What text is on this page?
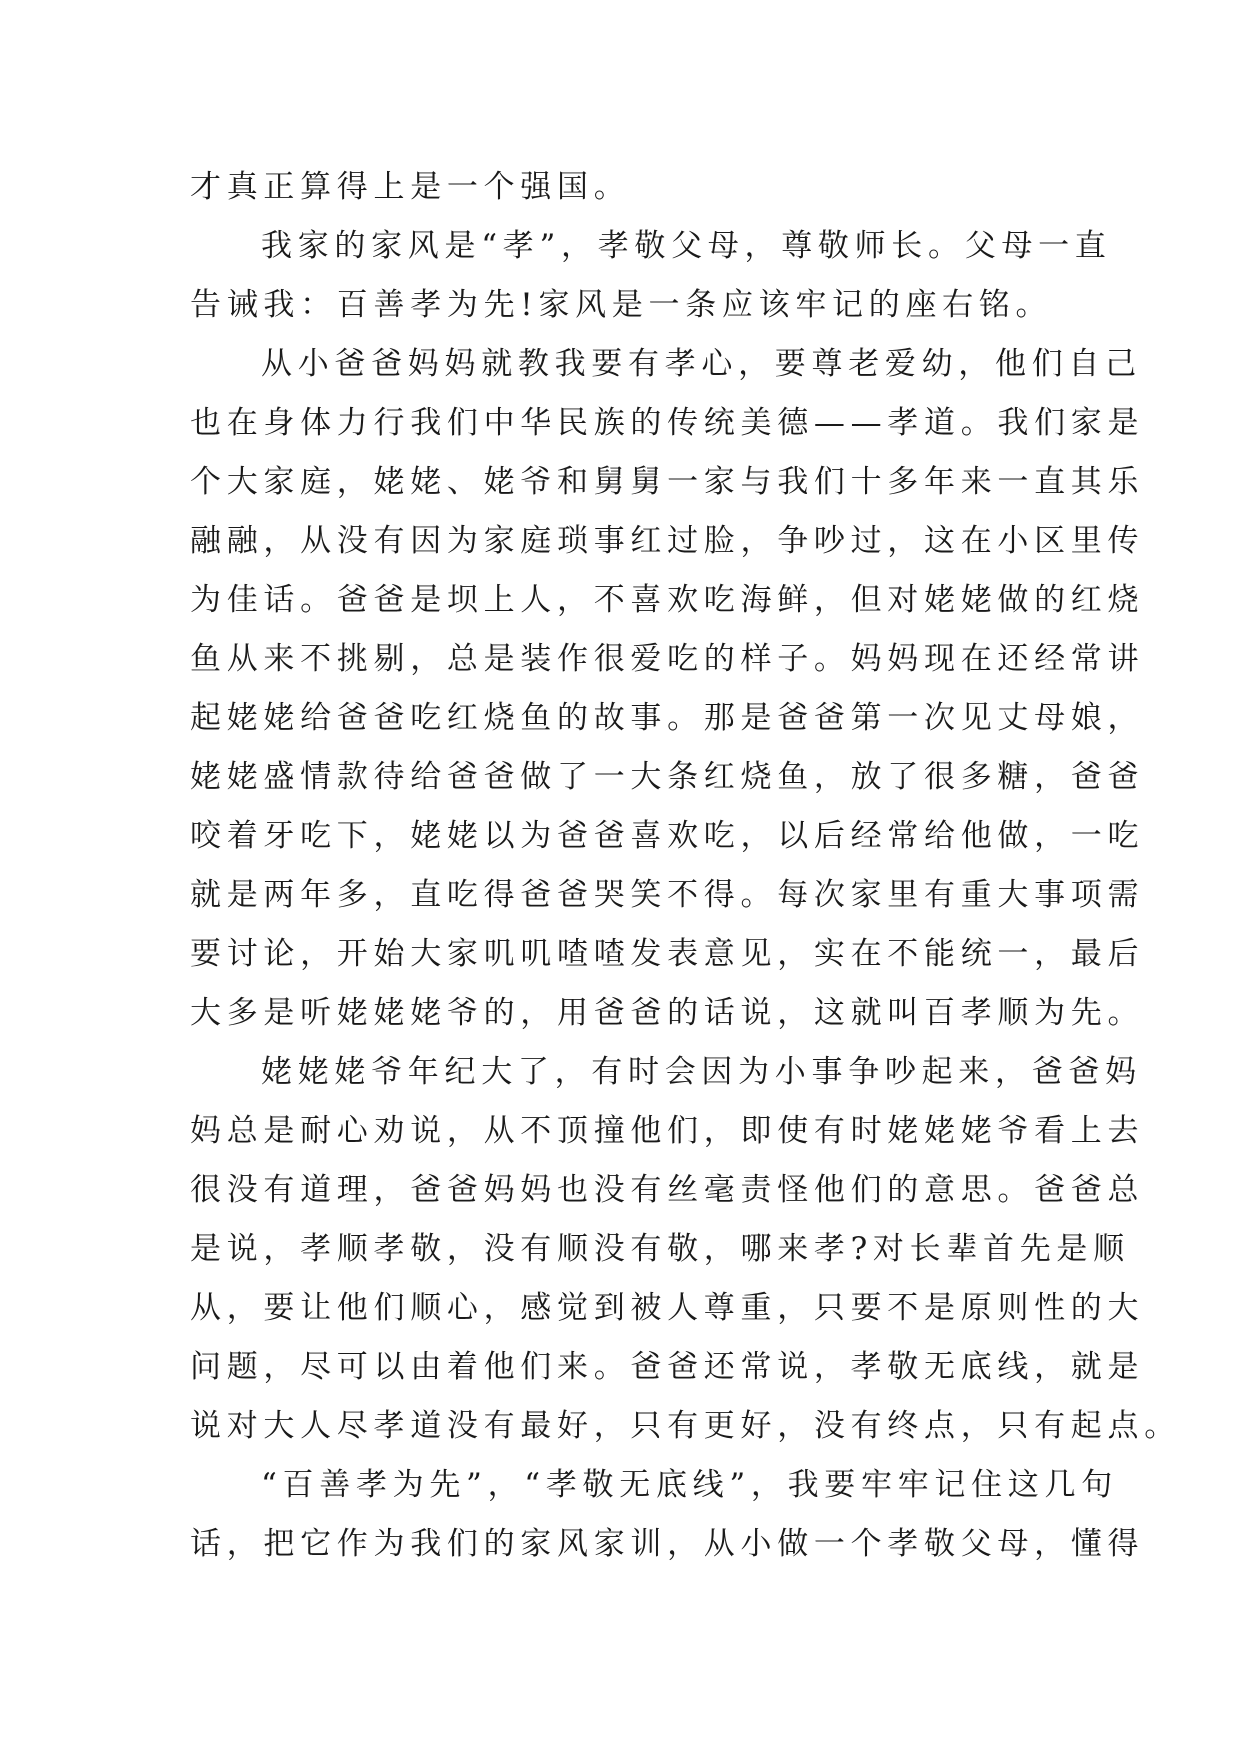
才真正算得上是一个强国。
我家的家风是“孝”，孝敬父母，尊敬师长。父母一直
告诫我：百善孝为先!家风是一条应该牢记的座右铭。
从小爸爸妈妈就教我要有孝心，要尊老爱幼，他们自己
也在身体力行我们中华民族的传统美德——孝道。我们家是
个大家庭，姥姥、姥爷和舅舅一家与我们十多年来一直其乐
融融，从没有因为家庭琐事红过脸，争吵过，这在小区里传
为佳话。爸爸是坝上人，不喜欢吃海鲜，但对姥姥做的红烧
鱼从来不挑剔，总是装作很爱吃的样子。妈妈现在还经常讲
起姥姥给爸爸吃红烧鱼的故事。那是爸爸第一次见丈母娘，
姥姥盛情款待给爸爸做了一大条红烧鱼，放了很多糖，爸爸
咬着牙吃下，姥姥以为爸爸喜欢吃，以后经常给他做，一吃
就是两年多，直吃得爸爸哭笑不得。每次家里有重大事项需
要讨论，开始大家叽叽喳喳发表意见，实在不能统一，最后
大多是听姥姥姥爷的，用爸爸的话说，这就叫百孝顺为先。
姥姥姥爷年纪大了，有时会因为小事争吵起来，爸爸妈
妈总是耐心劝说，从不顶撞他们，即使有时姥姥姥爷看上去
很没有道理，爸爸妈妈也没有丝毫责怪他们的意思。爸爸总
是说，孝顺孝敬，没有顺没有敬，哪来孝?对长辈首先是顺
从，要让他们顺心，感觉到被人尊重，只要不是原则性的大
问题，尽可以由着他们来。爸爸还常说，孝敬无底线，就是
说对大人尽孝道没有最好，只有更好，没有终点，只有起点。
“百善孝为先”，“孝敬无底线”，我要牢牢记住这几句
话，把它作为我们的家风家训，从小做一个孝敬父母，懂得
